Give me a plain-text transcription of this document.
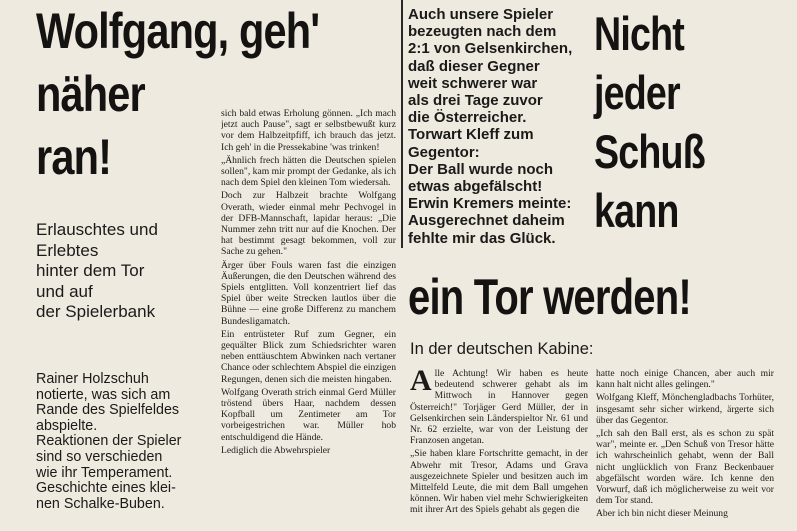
Wolfgang, geh'
näher
ran!
Erlauschtes und
Erlebtes
hinter dem Tor
und auf
der Spielerbank
Rainer Holzschuh
notierte, was sich am
Rande des Spielfeldes
abspielte.
Reaktionen der Spieler
sind so verschieden
wie ihr Temperament.
Geschichte eines klei-
nen Schalke-Buben.

sich bald etwas Erholung gönnen. „Ich mach jetzt auch Pause", sagt er selbstbewußt kurz vor dem Halbzeitpfiff, ich brauch das jetzt. Ich geh' in die Pressekabine 'was trinken!

„Ähnlich frech hätten die Deutschen spielen sollen", kam mir prompt der Gedanke, als ich nach dem Spiel den kleinen Tom wiedersah.

Doch zur Halbzeit brachte Wolfgang Overath, wieder einmal mehr Pechvogel in der DFB-Mannschaft, lapidar heraus: „Die Nummer zehn tritt nur auf die Knochen. Der hat bestimmt gesagt bekommen, voll zur Sache zu gehen."

Ärger über Fouls waren fast die einzigen Äußerungen, die den Deutschen während des Spiels entglitten. Voll konzentriert lief das Spiel über weite Strecken lautlos über die Bühne — eine große Differenz zu manchem Bundesligamatch.

Ein entrüsteter Ruf zum Gegner, ein gequälter Blick zum Schiedsrichter waren neben enttäuschtem Abwinken nach vertaner Chance oder schlechtem Abspiel die einzigen Regungen, denen sich die meisten hingaben.

Wolfgang Overath strich einmal Gerd Müller tröstend übers Haar, nachdem dessen Kopfball um Zentimeter am Tor vorbeigestrichen war. Müller hob entschuldigend die Hände.

Lediglich die Abwehrspieler

Auch unsere Spieler
bezeugten nach dem
2:1 von Gelsenkirchen,
daß dieser Gegner
weit schwerer war
als drei Tage zuvor
die Österreicher.
Torwart Kleff zum
Gegentor:
Der Ball wurde noch
etwas abgefälscht!
Erwin Kremers meinte:
Ausgerechnet daheim
fehlte mir das Glück.
Nicht
jeder
Schuß
kann
ein Tor werden!
In der deutschen Kabine:

Alle Achtung! Wir haben es heute bedeutend schwerer gehabt als im Mittwoch in Hannover gegen Österreich!" Torjäger Gerd Müller, der in Gelsenkirchen sein Länderspieltor Nr. 61 und Nr. 62 erzielte, war von der Leistung der Franzosen angetan.

„Sie haben klare Fortschritte gemacht, in der Abwehr mit Tresor, Adams und Grava ausgezeichnete Spieler und besitzen auch im Mittelfeld Leute, die mit dem Ball umgehen können. Wir haben viel mehr Schwierigkeiten mit ihrer Art des Spiels gehabt als gegen die

hatte noch einige Chancen, aber auch mir kann halt nicht alles gelingen."

Wolfgang Kleff, Mönchengladbachs Torhüter, insgesamt sehr sicher wirkend, ärgerte sich über das Gegentor.

„Ich sah den Ball erst, als es schon zu spät war", meinte er. „Den Schuß von Tresor hätte ich wahrscheinlich gehabt, wenn der Ball nicht unglücklich von Franz Beckenbauer abgefälscht worden wäre. Ich kenne den Vorwurf, daß ich möglicherweise zu weit vor dem Tor stand.

Aber ich bin nicht dieser Meinung
